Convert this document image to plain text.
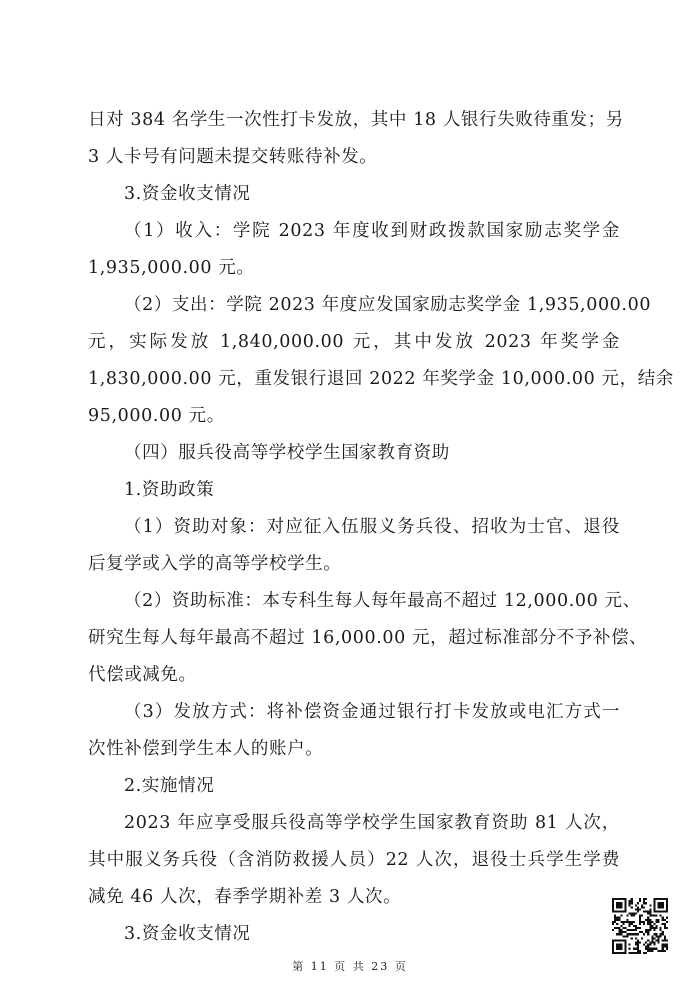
日对 384 名学生一次性打卡发放，其中 18 人银行失败待重发；另
3 人卡号有问题未提交转账待补发。
3.资金收支情况
（1）收入：学院 2023 年度收到财政拨款国家励志奖学金
1,935,000.00 元。
（2）支出：学院 2023 年度应发国家励志奖学金 1,935,000.00
元，实际发放 1,840,000.00 元，其中发放 2023 年奖学金
1,830,000.00 元，重发银行退回 2022 年奖学金 10,000.00 元，结余
95,000.00 元。
（四）服兵役高等学校学生国家教育资助
1.资助政策
（1）资助对象：对应征入伍服义务兵役、招收为士官、退役
后复学或入学的高等学校学生。
（2）资助标准：本专科生每人每年最高不超过 12,000.00 元、
研究生每人每年最高不超过 16,000.00 元，超过标准部分不予补偿、
代偿或减免。
（3）发放方式：将补偿资金通过银行打卡发放或电汇方式一
次性补偿到学生本人的账户。
2.实施情况
2023 年应享受服兵役高等学校学生国家教育资助 81 人次，
其中服义务兵役（含消防救援人员）22 人次，退役士兵学生学费
减免 46 人次，春季学期补差 3 人次。
3.资金收支情况
第 11 页 共 23 页
